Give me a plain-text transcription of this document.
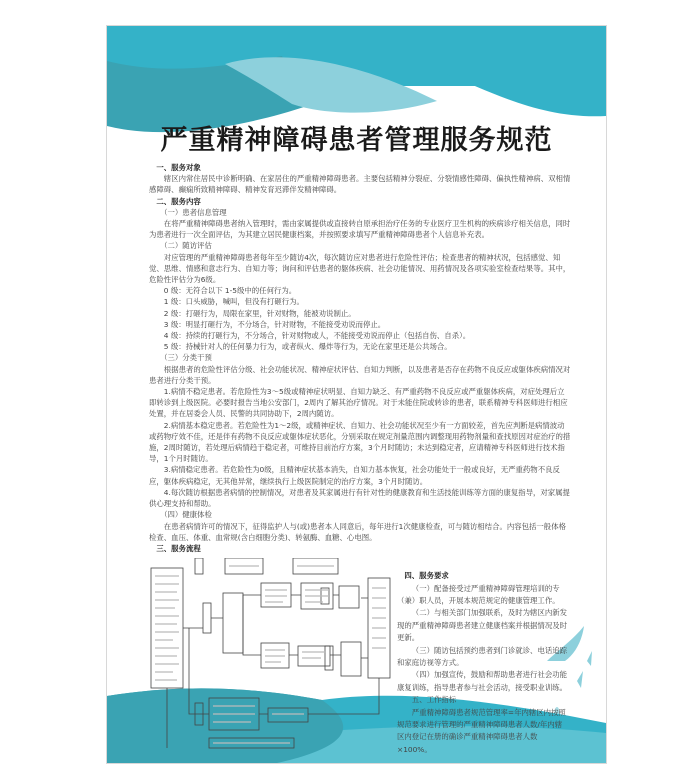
严重精神障碍患者管理服务规范

一、服务对象

辖区内常住居民中诊断明确、在家居住的严重精神障碍患者。主要包括精神分裂症、分裂情感性障碍、偏执性精神病、双相情感障碍、癫痫所致精神障碍、精神发育迟滞伴发精神障碍。

二、服务内容

（一）患者信息管理

在将严重精神障碍患者纳入管理时，需由家属提供或直接转自原承担治疗任务的专业医疗卫生机构的疾病诊疗相关信息，同时为患者进行一次全面评估，为其建立居民健康档案，并按照要求填写严重精神障碍患者个人信息补充表。

（二）随访评估

对应管理的严重精神障碍患者每年至少随访4次，每次随访应对患者进行危险性评估；检查患者的精神状况，包括感觉、知觉、思维、情感和意志行为、自知力等；询问和评估患者的躯体疾病、社会功能情况、用药情况及各项实验室检查结果等。其中，危险性评估分为6级。

0 级：无符合以下 1-5级中的任何行为。

1 级：口头威胁，喊叫，但没有打砸行为。

2 级：打砸行为，局限在家里，针对财物，能被劝说制止。

3 级：明显打砸行为，不分场合，针对财物，不能接受劝说而停止。

4 级：持续的打砸行为，不分场合，针对财物或人，不能接受劝说而停止（包括自伤、自杀）。

5 级：持械针对人的任何暴力行为，或者纵火、爆炸等行为，无论在家里还是公共场合。

（三）分类干预

根据患者的危险性评估分级、社会功能状况、精神症状评估、自知力判断，以及患者是否存在药物不良反应或躯体疾病情况对患者进行分类干预。

1.病情不稳定患者。若危险性为3～5级或精神症状明显、自知力缺乏、有严重药物不良反应或严重躯体疾病，对症处理后立即转诊到上级医院。必要时报告当地公安部门，2周内了解其治疗情况。对于未能住院或转诊的患者，联系精神专科医师进行相应处置，并在居委会人员、民警的共同协助下，2周内随访。

2.病情基本稳定患者。若危险性为1～2级，或精神症状、自知力、社会功能状况至少有一方面较差，首先应判断是病情波动或药物疗效不佳，还是伴有药物不良反应或躯体症状恶化，分别采取在规定剂量范围内调整现用药物剂量和查找原因对症治疗的措施，2周时随访，若处理后病情趋于稳定者，可维持目前治疗方案，3个月时随访；未达到稳定者，应请精神专科医师进行技术指导，1个月时随访。

3.病情稳定患者。若危险性为0级，且精神症状基本消失，自知力基本恢复，社会功能处于一般或良好，无严重药物不良反应，躯体疾病稳定，无其他异常，继续执行上级医院制定的治疗方案，3个月时随访。

4.每次随访根据患者病情的控制情况，对患者及其家属进行有针对性的健康教育和生活技能训练等方面的康复指导，对家属提供心理支持和帮助。

（四）健康体检

在患者病情许可的情况下，征得监护人与(或)患者本人同意后，每年进行1次健康检查，可与随访相结合。内容包括一般体格检查、血压、体重、血常规(含白细胞分类)、转氨酶、血糖、心电图。

三、服务流程

四、服务要求

（一）配备接受过严重精神障碍管理培训的专（兼）职人员，开展本规范规定的健康管理工作。

（二）与相关部门加强联系，及时为辖区内新发现的严重精神障碍患者建立健康档案并根据情况及时更新。

（三）随访包括预约患者到门诊就诊、电话追踪和家庭访视等方式。

（四）加强宣传，鼓励和帮助患者进行社会功能康复训练，指导患者参与社会活动，接受职业训练。

五、工作指标

严重精神障碍患者规范管理率=年内辖区内按照规范要求进行管理的严重精神障碍患者人数/年内辖区内登记在册的确诊严重精神障碍患者人数×100%。
